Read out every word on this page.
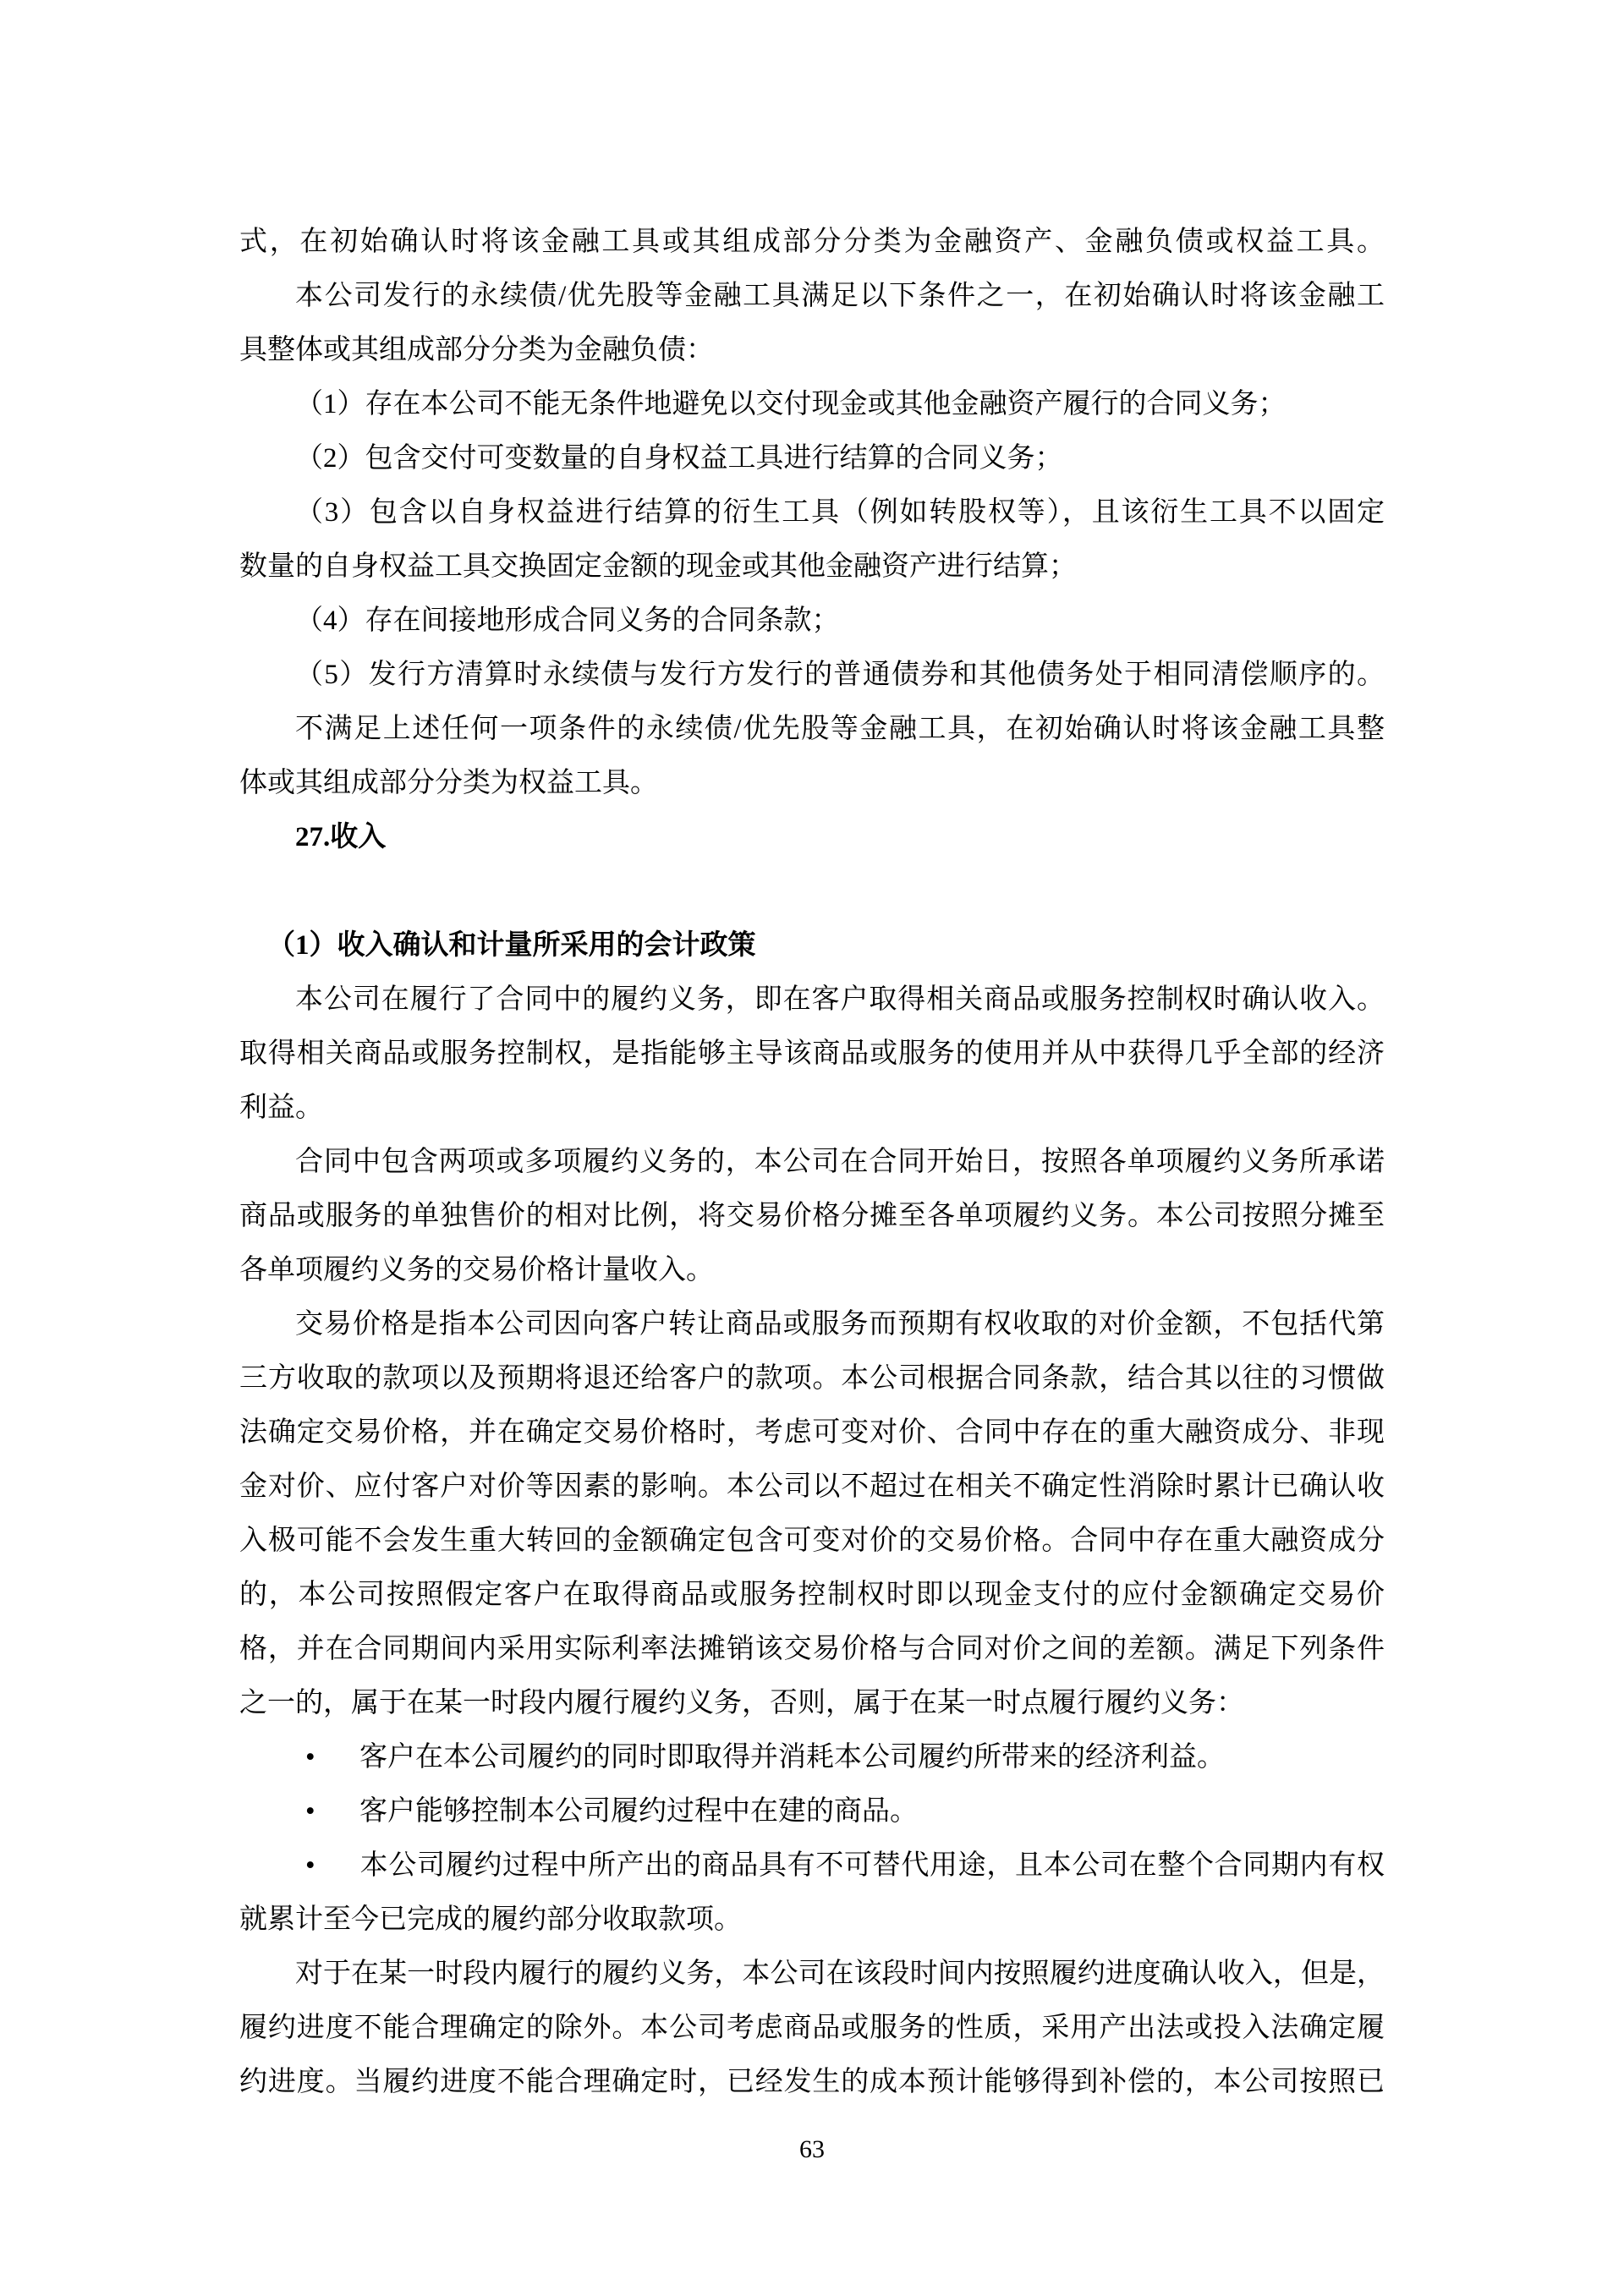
式，在初始确认时将该金融工具或其组成部分分类为金融资产、金融负债或权益工具。
本公司发行的永续债/优先股等金融工具满足以下条件之一，在初始确认时将该金融工
具整体或其组成部分分类为金融负债：
（1）存在本公司不能无条件地避免以交付现金或其他金融资产履行的合同义务；
（2）包含交付可变数量的自身权益工具进行结算的合同义务；
（3）包含以自身权益进行结算的衍生工具（例如转股权等），且该衍生工具不以固定
数量的自身权益工具交换固定金额的现金或其他金融资产进行结算；
（4）存在间接地形成合同义务的合同条款；
（5）发行方清算时永续债与发行方发行的普通债券和其他债务处于相同清偿顺序的。
不满足上述任何一项条件的永续债/优先股等金融工具，在初始确认时将该金融工具整
体或其组成部分分类为权益工具。
27.收入
（1）收入确认和计量所采用的会计政策
本公司在履行了合同中的履约义务，即在客户取得相关商品或服务控制权时确认收入。
取得相关商品或服务控制权，是指能够主导该商品或服务的使用并从中获得几乎全部的经济
利益。
合同中包含两项或多项履约义务的，本公司在合同开始日，按照各单项履约义务所承诺
商品或服务的单独售价的相对比例，将交易价格分摊至各单项履约义务。本公司按照分摊至
各单项履约义务的交易价格计量收入。
交易价格是指本公司因向客户转让商品或服务而预期有权收取的对价金额，不包括代第
三方收取的款项以及预期将退还给客户的款项。本公司根据合同条款，结合其以往的习惯做
法确定交易价格，并在确定交易价格时，考虑可变对价、合同中存在的重大融资成分、非现
金对价、应付客户对价等因素的影响。本公司以不超过在相关不确定性消除时累计已确认收
入极可能不会发生重大转回的金额确定包含可变对价的交易价格。合同中存在重大融资成分
的，本公司按照假定客户在取得商品或服务控制权时即以现金支付的应付金额确定交易价
格，并在合同期间内采用实际利率法摊销该交易价格与合同对价之间的差额。满足下列条件
之一的，属于在某一时段内履行履约义务，否则，属于在某一时点履行履约义务：
• 客户在本公司履约的同时即取得并消耗本公司履约所带来的经济利益。
• 客户能够控制本公司履约过程中在建的商品。
• 本公司履约过程中所产出的商品具有不可替代用途，且本公司在整个合同期内有权
就累计至今已完成的履约部分收取款项。
对于在某一时段内履行的履约义务，本公司在该段时间内按照履约进度确认收入，但是，
履约进度不能合理确定的除外。本公司考虑商品或服务的性质，采用产出法或投入法确定履
约进度。当履约进度不能合理确定时，已经发生的成本预计能够得到补偿的，本公司按照已
63
